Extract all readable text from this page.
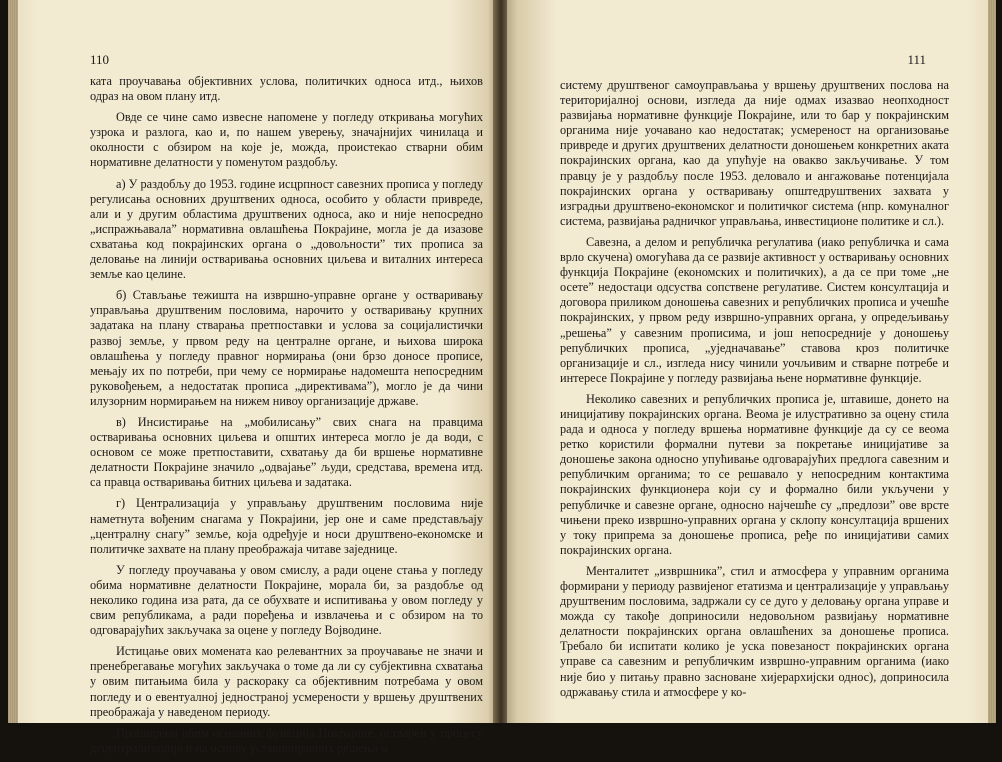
110

ката проучавања објективних услова, политичких односа итд., њихов одраз на овом плану итд.

Овде се чине само извесне напомене у погледу откривања могућих узрока и разлога, као и, по нашем уверењу, значајнијих чинилаца и околности с обзиром на које је, можда, проистекао стварни обим нормативне делатности у поменутом раздобљу.

а) У раздобљу до 1953. године исцрпност савезних прописа у погледу регулисања основних друштвених односа, особито у области привреде, али и у другим областима друштвених односа, ако и није непосредно „испражњавала” нормативна овлашћења Покрајине, могла је да изазове схватања код покрајинских органа о „довољности” тих прописа за деловање на линији остваривања основних циљева и виталних интереса земље као целине.

б) Стављање тежишта на извршно-управне органе у остваривању управљања друштвеним пословима, нарочито у остваривању крупних задатака на плану стварања претпоставки и услова за социјалистички развој земље, у првом реду на централне органе, и њихова широка овлашћења у погледу правног нормирања (они брзо доносе прописе, мењају их по потреби, при чему се нормирање надомешта непосредним руковођењем, а недостатак прописа „директивама”), могло је да чини илузорним нормирањем на нижем нивоу организације државе.

в) Инсистирање на „мобилисању” свих снага на правцима остваривања основних циљева и општих интереса могло је да води, с основом се може претпоставити, схватању да би вршење нормативне делатности Покрајине значило „одвајање” људи, средстава, времена итд. са правца остваривања битних циљева и задатака.

г) Централизација у управљању друштвеним пословима није наметнута вођеним снагама у Покрајини, јер оне и саме представљају „централну снагу” земље, која одређује и носи друштвено-економске и политичке захвате на плану преображаја читаве заједнице.

У погледу проучавања у овом смислу, а ради оцене стања у погледу обима нормативне делатности Покрајине, морала би, за раздобље од неколико година иза рата, да се обухвате и испитивања у овом погледу у свим републикама, а ради поређења и извлачења и с обзиром на то одговарајућих закључака за оцене у погледу Војводине.

Истицање ових момената као релевантних за проучавање не значи и пренебрегавање могућих закључака о томе да ли су субјективна схватања у овим питањима била у раскораку са објективним потребама у овом погледу и о евентуалној једностраној усмерености у вршењу друштвених преображаја у наведеном периоду.

Проширени обим основних функција Покрајине, остварен у процесу децентрализације и на основу уставноправних решења о

111

систему друштвеног самоуправљања у вршењу друштвених послова на територијалној основи, изгледа да није одмах изазвао неопходност развијања нормативне функције Покрајине, или то бар у покрајинским органима није уочавано као недостатак; усмереност на организовање привреде и других друштвених делатности доношењем конкретних аката покрајинских органа, као да упућује на овакво закључивање. У том правцу је у раздобљу после 1953. деловало и ангажовање потенцијала покрајинских органа у остваривању општедруштвених захвата у изградњи друштвено-економског и политичког система (нпр. комуналног система, развијања радничког управљања, инвестиционе политике и сл.).

Савезна, а делом и републичка регулатива (иако републичка и сама врло скучена) омогућава да се развије активност у остваривању основних функција Покрајине (економских и политичких), а да се при томе „не осете” недостаци одсуства сопствене регулативе. Систем консултација и договора приликом доношења савезних и републичких прописа и учешће покрајинских, у првом реду извршно-управних органа, у опредељивању „решења” у савезним прописима, и још непосредније у доношењу републичких прописа, „уједначавање” ставова кроз политичке организације и сл., изгледа нису чинили уочљивим и стварне потребе и интересе Покрајине у погледу развијања њене нормативне функције.

Неколико савезних и републичких прописа је, штавише, донето на иницијативу покрајинских органа. Веома је илустративно за оцену стила рада и односа у погледу вршења нормативне функције да су се веома ретко користили формални путеви за покретање иницијативе за доношење закона односно упућивање одговарајућих предлога савезним и републичким органима; то се решавало у непосредним контактима покрајинских функционера који су и формално били укључени у републичке и савезне органе, односно најчешће су „предлози” ове врсте чињени преко извршно-управних органа у склопу консултација вршених у току припрема за доношење прописа, ређе по иницијативи самих покрајинских органа.

Менталитет „извршника”, стил и атмосфера у управним органима формирани у периоду развијеног етатизма и централизације у управљању друштвеним пословима, задржали су се дуго у деловању органа управе и можда су такође доприносили недовољном развијању нормативне делатности покрајинских органа овлашћених за доношење прописа. Требало би испитати колико је уска повезаност покрајинских органа управе са савезним и републичким извршно-управним органима (иако није био у питању правно засноване хијерархијски однос), доприносила одржавању стила и атмосфере у ко-
